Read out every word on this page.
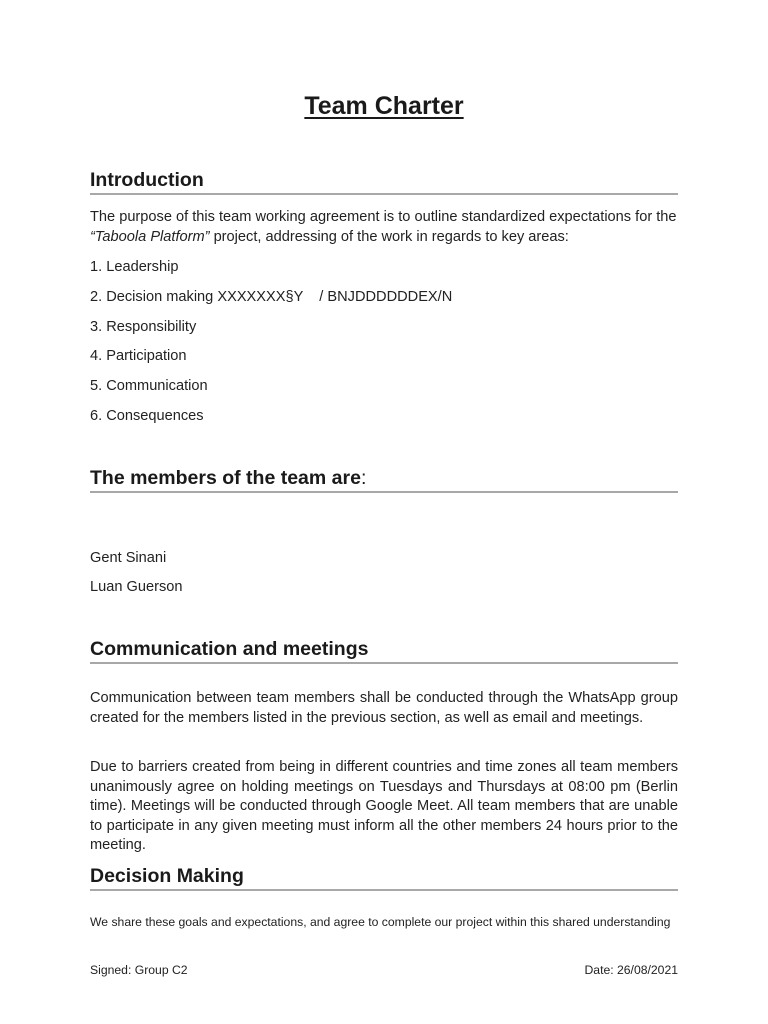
Team Charter
Introduction
The purpose of this team working agreement is to outline standardized expectations for the “Taboola Platform” project, addressing of the work in regards to key areas:
1. Leadership
2. Decision making XXXXXXX§Y    / BNJDDDDDDEX/N
3. Responsibility
4. Participation
5. Communication
6. Consequences
The members of the team are:
Gent Sinani
Luan Guerson
Communication and meetings
Communication between team members shall be conducted through the WhatsApp group created for the members listed in the previous section, as well as email and meetings.
Due to barriers created from being in different countries and time zones all team members unanimously agree on holding meetings on Tuesdays and Thursdays at 08:00 pm (Berlin time). Meetings will be conducted through Google Meet. All team members that are unable to participate in any given meeting must inform all the other members 24 hours prior to the meeting.
Decision Making
We share these goals and expectations, and agree to complete our project within this shared understanding
Signed: Group C2	Date: 26/08/2021
